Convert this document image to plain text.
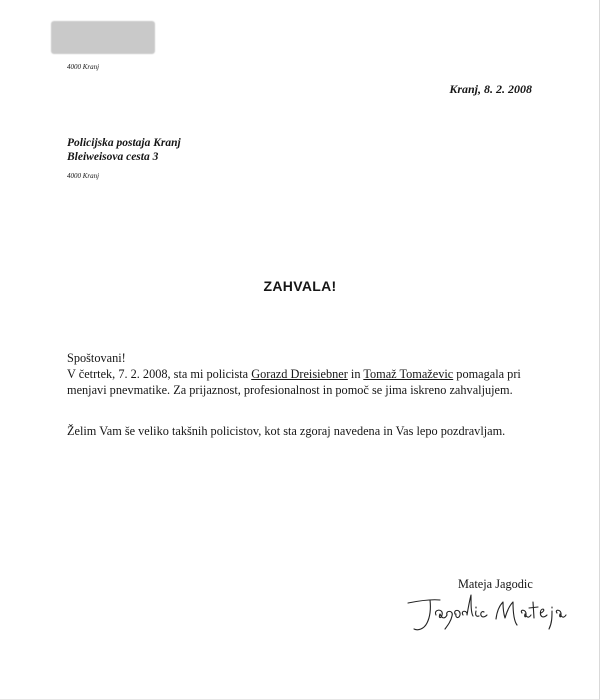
4000 Kranj
Kranj, 8. 2. 2008
Policijska postaja Kranj
Bleiweisova cesta 3
4000 Kranj
ZAHVALA!
Spoštovani!
V četrtek, 7. 2. 2008, sta mi policista Gorazd Dreisiebner in Tomaž Tomaževic pomagala pri
menjavi pnevmatike. Za prijaznost, profesionalnost in pomoč se jima iskreno zahvaljujem.
Želim Vam še veliko takšnih policistov, kot sta zgoraj navedena in Vas lepo pozdravljam.
Mateja Jagodic
